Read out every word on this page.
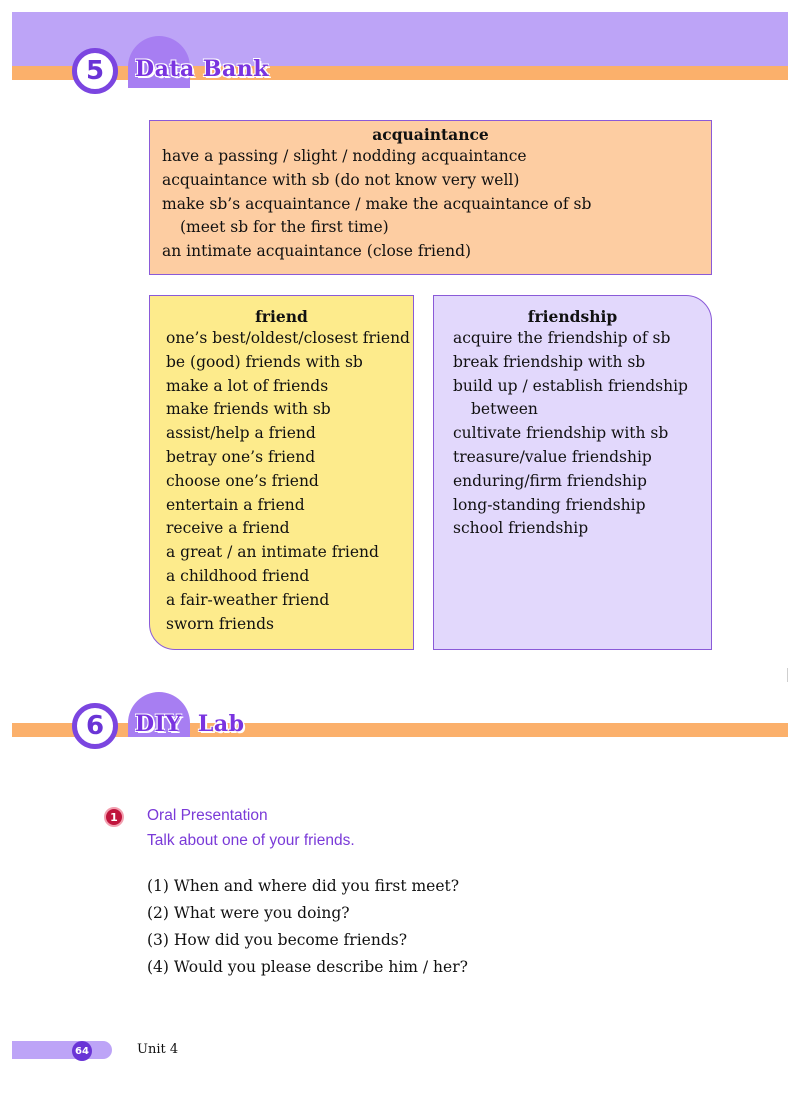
5	Data Bank
acquaintance
have a passing / slight / nodding acquaintance
acquaintance with sb (do not know very well)
make sb’s acquaintance / make the acquaintance of sb
(meet sb for the first time)
an intimate acquaintance (close friend)
friend
one’s best/oldest/closest friend
be (good) friends with sb
make a lot of friends
make friends with sb
assist/help a friend
betray one’s friend
choose one’s friend
entertain a friend
receive a friend
a great / an intimate friend
a childhood friend
a fair-weather friend
sworn friends
friendship
acquire the friendship of sb
break friendship with sb
build up / establish friendship
between
cultivate friendship with sb
treasure/value friendship
enduring/firm friendship
long-standing friendship
school friendship
6	DIY  Lab
1	Oral Presentation
Talk about one of your friends.
(1) When and where did you first meet?
(2) What were you doing?
(3) How did you become friends?
(4) Would you please describe him / her?
64	Unit 4
